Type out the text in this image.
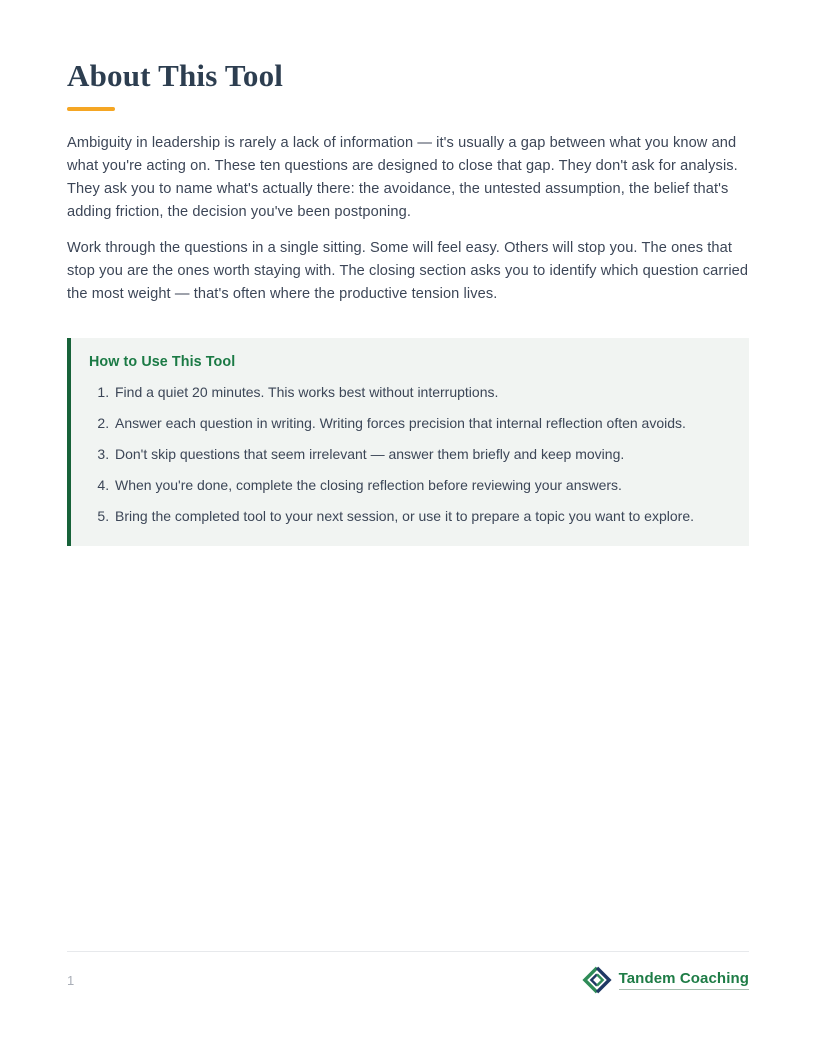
About This Tool

Ambiguity in leadership is rarely a lack of information — it's usually a gap between what you know and what you're acting on. These ten questions are designed to close that gap. They don't ask for analysis. They ask you to name what's actually there: the avoidance, the untested assumption, the belief that's adding friction, the decision you've been postponing.

Work through the questions in a single sitting. Some will feel easy. Others will stop you. The ones that stop you are the ones worth staying with. The closing section asks you to identify which question carried the most weight — that's often where the productive tension lives.

How to Use This Tool
1. Find a quiet 20 minutes. This works best without interruptions.
2. Answer each question in writing. Writing forces precision that internal reflection often avoids.
3. Don't skip questions that seem irrelevant — answer them briefly and keep moving.
4. When you're done, complete the closing reflection before reviewing your answers.
5. Bring the completed tool to your next session, or use it to prepare a topic you want to explore.
1	Tandem Coaching
